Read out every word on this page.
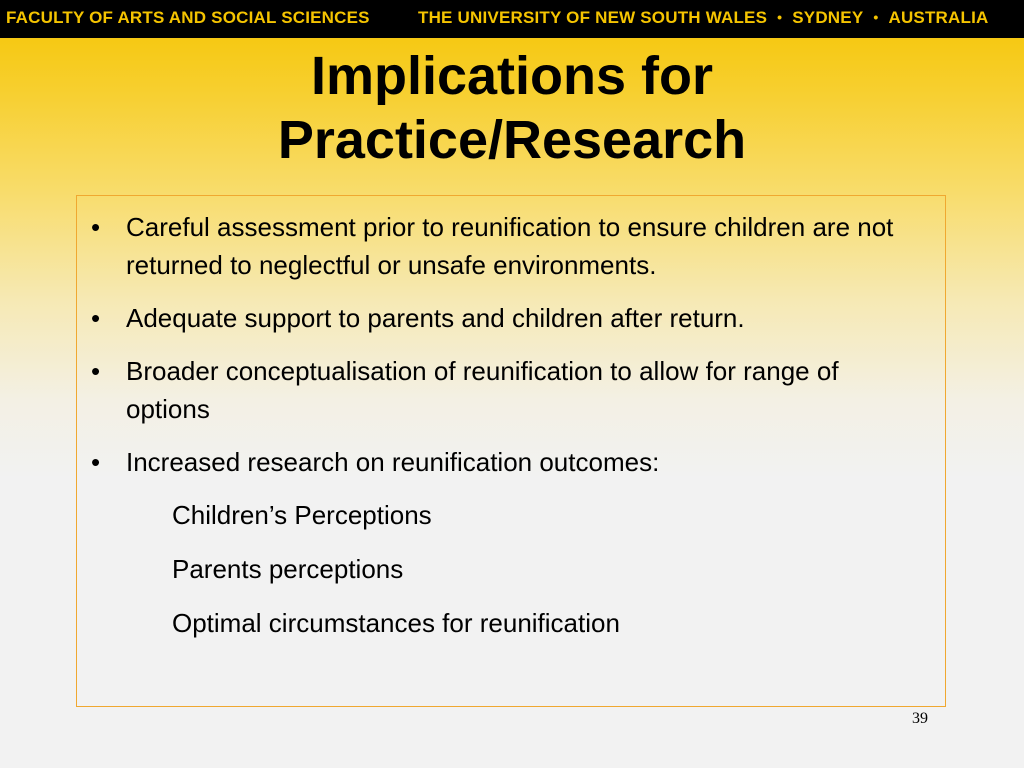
FACULTY OF ARTS AND SOCIAL SCIENCES	THE UNIVERSITY OF NEW SOUTH WALES • SYDNEY • AUSTRALIA
Implications for
Practice/Research
• Careful assessment prior to reunification to ensure children are not returned to neglectful or unsafe environments.
• Adequate support to parents and children after return.
• Broader conceptualisation of reunification to allow for range of options
• Increased research on reunification outcomes:
Children’s Perceptions
Parents perceptions
Optimal circumstances for reunification
39
